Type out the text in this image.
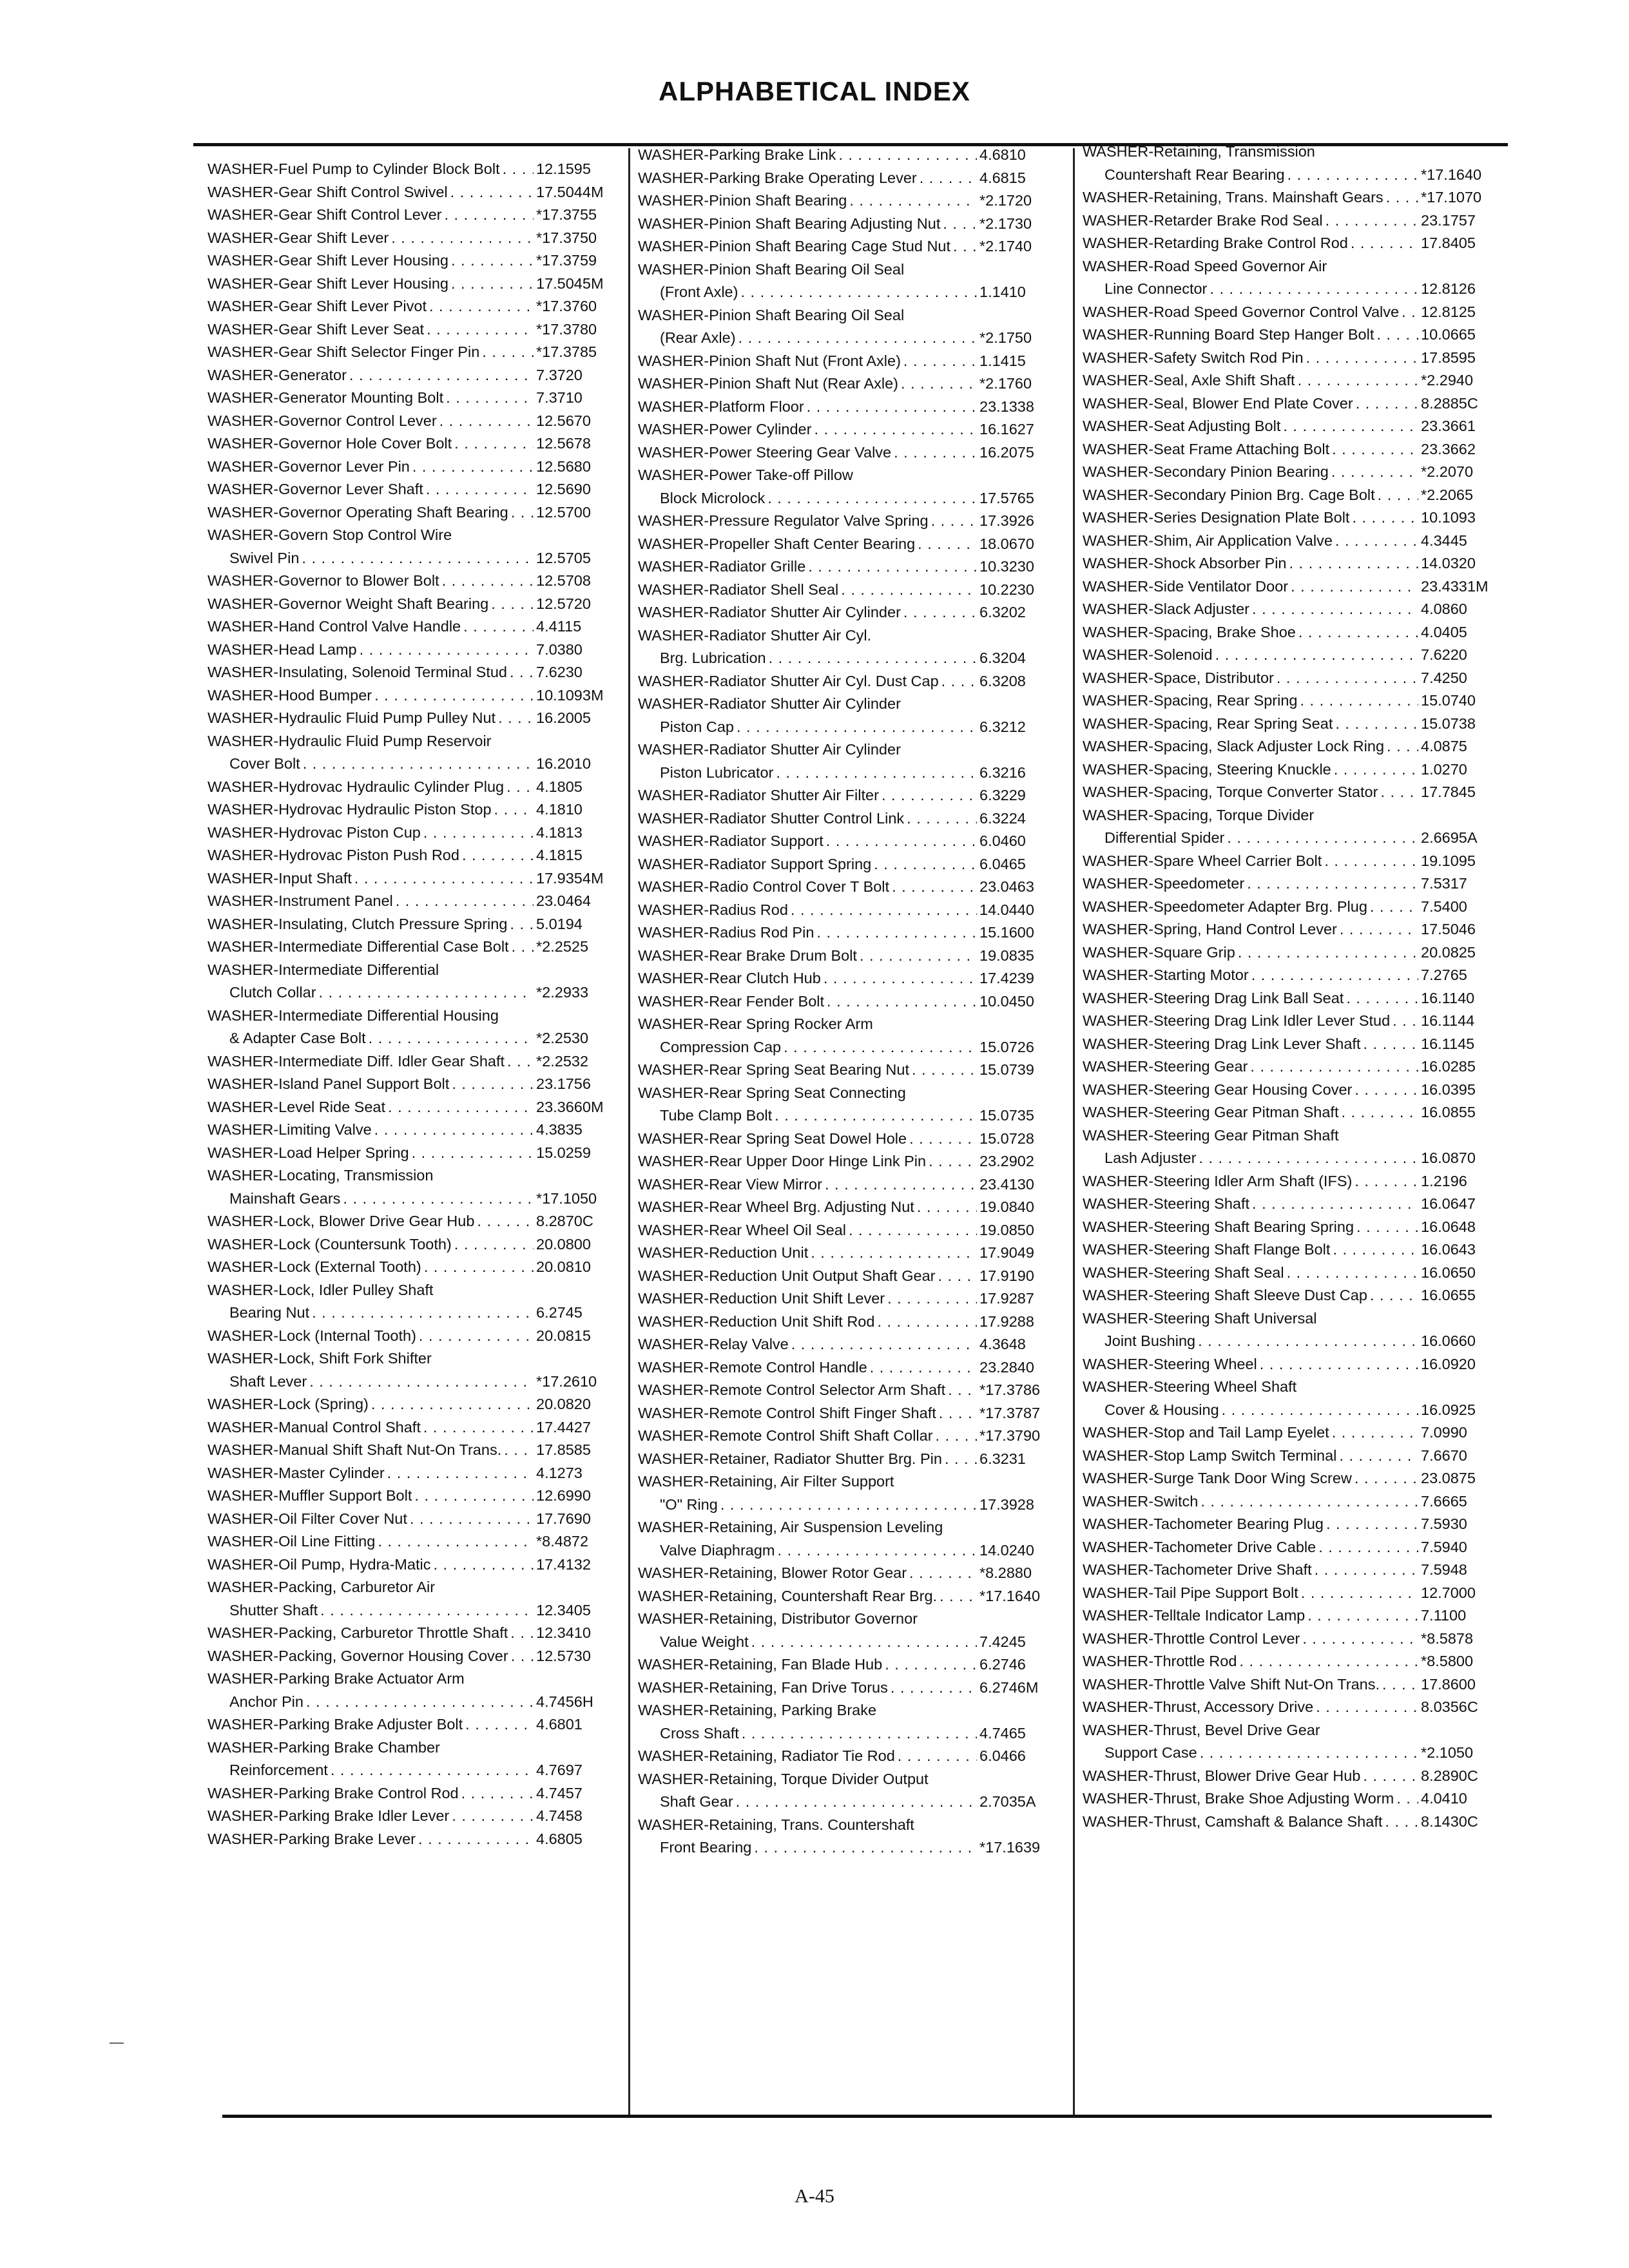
ALPHABETICAL INDEX
WASHER-Fuel Pump to Cylinder Block Bolt . . . 12.1595
WASHER-Gear Shift Control Swivel . . .	17.5044M
WASHER-Gear Shift Control Lever . . .	*17.3755
WASHER-Gear Shift Lever . . .	*17.3750
WASHER-Gear Shift Lever Housing . . .	*17.3759
WASHER-Gear Shift Lever Housing . . .	17.5045M
WASHER-Gear Shift Lever Pivot . . .	*17.3760
WASHER-Gear Shift Lever Seat . . .	*17.3780
WASHER-Gear Shift Selector Finger Pin . . .	*17.3785
WASHER-Generator . . .	7.3720
WASHER-Generator Mounting Bolt . . .	7.3710
WASHER-Governor Control Lever . . .	12.5670
WASHER-Governor Hole Cover Bolt . . .	12.5678
WASHER-Governor Lever Pin . . .	12.5680
WASHER-Governor Lever Shaft . . .	12.5690
WASHER-Governor Operating Shaft Bearing . . . 12.5700
WASHER-Govern Stop Control Wire
Swivel Pin . . .	12.5705
WASHER-Governor to Blower Bolt . . .	12.5708
WASHER-Governor Weight Shaft Bearing . . .	12.5720
WASHER-Hand Control Valve Handle . . .	4.4115
WASHER-Head Lamp . . .	7.0380
WASHER-Insulating, Solenoid Terminal Stud . . . 7.6230
WASHER-Hood Bumper . . .	10.1093M
WASHER-Hydraulic Fluid Pump Pulley Nut . . .	16.2005
WASHER-Hydraulic Fluid Pump Reservoir
Cover Bolt . . .	16.2010
WASHER-Hydrovac Hydraulic Cylinder Plug . . . 4.1805
WASHER-Hydrovac Hydraulic Piston Stop . . .	4.1810
WASHER-Hydrovac Piston Cup . . .	4.1813
WASHER-Hydrovac Piston Push Rod . . .	4.1815
WASHER-Input Shaft . . .	17.9354M
WASHER-Instrument Panel . . .	23.0464
WASHER-Insulating, Clutch Pressure Spring . . . 5.0194
WASHER-Intermediate Differential Case Bolt . . . *2.2525
WASHER-Intermediate Differential
Clutch Collar . . .	*2.2933
WASHER-Intermediate Differential Housing
& Adapter Case Bolt . . .	*2.2530
WASHER-Intermediate Diff. Idler Gear Shaft . . . *2.2532
WASHER-Island Panel Support Bolt . . .	23.1756
WASHER-Level Ride Seat . . .	23.3660M
WASHER-Limiting Valve . . .	4.3835
WASHER-Load Helper Spring . . .	15.0259
WASHER-Locating, Transmission
Mainshaft Gears . . .	*17.1050
WASHER-Lock, Blower Drive Gear Hub . . .	8.2870C
WASHER-Lock (Countersunk Tooth) . . .	20.0800
WASHER-Lock (External Tooth) . . .	20.0810
WASHER-Lock, Idler Pulley Shaft
Bearing Nut . . .	6.2745
WASHER-Lock (Internal Tooth) . . .	20.0815
WASHER-Lock, Shift Fork Shifter
Shaft Lever . . .	*17.2610
WASHER-Lock (Spring) . . .	20.0820
WASHER-Manual Control Shaft . . .	17.4427
WASHER-Manual Shift Shaft Nut-On Trans. . . . 17.8585
WASHER-Master Cylinder . . .	4.1273
WASHER-Muffler Support Bolt . . .	12.6990
WASHER-Oil Filter Cover Nut . . .	17.7690
WASHER-Oil Line Fitting . . .	*8.4872
WASHER-Oil Pump, Hydra-Matic . . .	17.4132
WASHER-Packing, Carburetor Air
Shutter Shaft . . .	12.3405
WASHER-Packing, Carburetor Throttle Shaft . . . 12.3410
WASHER-Packing, Governor Housing Cover . . . 12.5730
WASHER-Parking Brake Actuator Arm
Anchor Pin . . .	4.7456H
WASHER-Parking Brake Adjuster Bolt . . .	4.6801
WASHER-Parking Brake Chamber
Reinforcement . . .	4.7697
WASHER-Parking Brake Control Rod . . .	4.7457
WASHER-Parking Brake Idler Lever . . .	4.7458
WASHER-Parking Brake Lever . . .	4.6805
WASHER-Parking Brake Link . . .	4.6810
WASHER-Parking Brake Operating Lever . . .	4.6815
WASHER-Pinion Shaft Bearing . . .	*2.1720
WASHER-Pinion Shaft Bearing Adjusting Nut . . .	*2.1730
WASHER-Pinion Shaft Bearing Cage Stud Nut . . . *2.1740
WASHER-Pinion Shaft Bearing Oil Seal
(Front Axle) . . .	1.1410
WASHER-Pinion Shaft Bearing Oil Seal
(Rear Axle) . . .	*2.1750
WASHER-Pinion Shaft Nut (Front Axle) . . .	1.1415
WASHER-Pinion Shaft Nut (Rear Axle) . . .	*2.1760
WASHER-Platform Floor . . .	23.1338
WASHER-Power Cylinder . . .	16.1627
WASHER-Power Steering Gear Valve . . .	16.2075
WASHER-Power Take-off Pillow
Block Microlock . . .	17.5765
WASHER-Pressure Regulator Valve Spring . . .	17.3926
WASHER-Propeller Shaft Center Bearing . . .	18.0670
WASHER-Radiator Grille . . .	10.3230
WASHER-Radiator Shell Seal . . .	10.2230
WASHER-Radiator Shutter Air Cylinder . . .	6.3202
WASHER-Radiator Shutter Air Cyl.
Brg. Lubrication . . .	6.3204
WASHER-Radiator Shutter Air Cyl. Dust Cap . . .	6.3208
WASHER-Radiator Shutter Air Cylinder
Piston Cap . . .	6.3212
WASHER-Radiator Shutter Air Cylinder
Piston Lubricator . . .	6.3216
WASHER-Radiator Shutter Air Filter . . .	6.3229
WASHER-Radiator Shutter Control Link . . .	6.3224
WASHER-Radiator Support . . .	6.0460
WASHER-Radiator Support Spring . . .	6.0465
WASHER-Radio Control Cover T Bolt . . .	23.0463
WASHER-Radius Rod . . .	14.0440
WASHER-Radius Rod Pin . . .	15.1600
WASHER-Rear Brake Drum Bolt . . .	19.0835
WASHER-Rear Clutch Hub . . .	17.4239
WASHER-Rear Fender Bolt . . .	10.0450
WASHER-Rear Spring Rocker Arm
Compression Cap . . .	15.0726
WASHER-Rear Spring Seat Bearing Nut . . .	15.0739
WASHER-Rear Spring Seat Connecting
Tube Clamp Bolt . . .	15.0735
WASHER-Rear Spring Seat Dowel Hole . . .	15.0728
WASHER-Rear Upper Door Hinge Link Pin . . .	23.2902
WASHER-Rear View Mirror . . .	23.4130
WASHER-Rear Wheel Brg. Adjusting Nut . . .	19.0840
WASHER-Rear Wheel Oil Seal . . .	19.0850
WASHER-Reduction Unit . . .	17.9049
WASHER-Reduction Unit Output Shaft Gear . . .	17.9190
WASHER-Reduction Unit Shift Lever . . .	17.9287
WASHER-Reduction Unit Shift Rod . . .	17.9288
WASHER-Relay Valve . . .	4.3648
WASHER-Remote Control Handle . . .	23.2840
WASHER-Remote Control Selector Arm Shaft . . . *17.3786
WASHER-Remote Control Shift Finger Shaft . . .	*17.3787
WASHER-Remote Control Shift Shaft Collar . . .	*17.3790
WASHER-Retainer, Radiator Shutter Brg. Pin . . . 6.3231
WASHER-Retaining, Air Filter Support
"O" Ring . . .	17.3928
WASHER-Retaining, Air Suspension Leveling
Valve Diaphragm . . .	14.0240
WASHER-Retaining, Blower Rotor Gear . . .	*8.2880
WASHER-Retaining, Countershaft Rear Brg. . . .	*17.1640
WASHER-Retaining, Distributor Governor
Value Weight . . .	7.4245
WASHER-Retaining, Fan Blade Hub . . .	6.2746
WASHER-Retaining, Fan Drive Torus . . .	6.2746M
WASHER-Retaining, Parking Brake
Cross Shaft . . .	4.7465
WASHER-Retaining, Radiator Tie Rod . . .	6.0466
WASHER-Retaining, Torque Divider Output
Shaft Gear . . .	2.7035A
WASHER-Retaining, Trans. Countershaft
Front Bearing . . .	*17.1639
WASHER-Retaining, Transmission
Countershaft Rear Bearing . . .	*17.1640
WASHER-Retaining, Trans. Mainshaft Gears . . . *17.1070
WASHER-Retarder Brake Rod Seal . . .	23.1757
WASHER-Retarding Brake Control Rod . . .	17.8405
WASHER-Road Speed Governor Air
Line Connector . . .	12.8126
WASHER-Road Speed Governor Control Valve . . . 12.8125
WASHER-Running Board Step Hanger Bolt . . .	10.0665
WASHER-Safety Switch Rod Pin . . .	17.8595
WASHER-Seal, Axle Shift Shaft . . .	*2.2940
WASHER-Seal, Blower End Plate Cover . . .	8.2885C
WASHER-Seat Adjusting Bolt . . .	23.3661
WASHER-Seat Frame Attaching Bolt . . .	23.3662
WASHER-Secondary Pinion Bearing . . .	*2.2070
WASHER-Secondary Pinion Brg. Cage Bolt . . .	*2.2065
WASHER-Series Designation Plate Bolt . . .	10.1093
WASHER-Shim, Air Application Valve . . .	4.3445
WASHER-Shock Absorber Pin . . .	14.0320
WASHER-Side Ventilator Door . . .	23.4331M
WASHER-Slack Adjuster . . .	4.0860
WASHER-Spacing, Brake Shoe . . .	4.0405
WASHER-Solenoid . . .	7.6220
WASHER-Space, Distributor . . .	7.4250
WASHER-Spacing, Rear Spring . . .	15.0740
WASHER-Spacing, Rear Spring Seat . . .	15.0738
WASHER-Spacing, Slack Adjuster Lock Ring . . . 4.0875
WASHER-Spacing, Steering Knuckle . . .	1.0270
WASHER-Spacing, Torque Converter Stator . . .	17.7845
WASHER-Spacing, Torque Divider
Differential Spider . . .	2.6695A
WASHER-Spare Wheel Carrier Bolt . . .	19.1095
WASHER-Speedometer . . .	7.5317
WASHER-Speedometer Adapter Brg. Plug . . .	7.5400
WASHER-Spring, Hand Control Lever . . .	17.5046
WASHER-Square Grip . . .	20.0825
WASHER-Starting Motor . . .	7.2765
WASHER-Steering Drag Link Ball Seat . . .	16.1140
WASHER-Steering Drag Link Idler Lever Stud . . . 16.1144
WASHER-Steering Drag Link Lever Shaft . . .	16.1145
WASHER-Steering Gear . . .	16.0285
WASHER-Steering Gear Housing Cover . . .	16.0395
WASHER-Steering Gear Pitman Shaft . . .	16.0855
WASHER-Steering Gear Pitman Shaft
Lash Adjuster . . .	16.0870
WASHER-Steering Idler Arm Shaft (IFS) . . .	1.2196
WASHER-Steering Shaft . . .	16.0647
WASHER-Steering Shaft Bearing Spring . . .	16.0648
WASHER-Steering Shaft Flange Bolt . . .	16.0643
WASHER-Steering Shaft Seal . . .	16.0650
WASHER-Steering Shaft Sleeve Dust Cap . . .	16.0655
WASHER-Steering Shaft Universal
Joint Bushing . . .	16.0660
WASHER-Steering Wheel . . .	16.0920
WASHER-Steering Wheel Shaft
Cover & Housing . . .	16.0925
WASHER-Stop and Tail Lamp Eyelet . . .	7.0990
WASHER-Stop Lamp Switch Terminal . . .	7.6670
WASHER-Surge Tank Door Wing Screw . . .	23.0875
WASHER-Switch . . .	7.6665
WASHER-Tachometer Bearing Plug . . .	7.5930
WASHER-Tachometer Drive Cable . . .	7.5940
WASHER-Tachometer Drive Shaft . . .	7.5948
WASHER-Tail Pipe Support Bolt . . .	12.7000
WASHER-Telltale Indicator Lamp . . .	7.1100
WASHER-Throttle Control Lever . . .	*8.5878
WASHER-Throttle Rod . . .	*8.5800
WASHER-Throttle Valve Shift Nut-On Trans. . . .	17.8600
WASHER-Thrust, Accessory Drive . . .	8.0356C
WASHER-Thrust, Bevel Drive Gear
Support Case . . .	*2.1050
WASHER-Thrust, Blower Drive Gear Hub . . .	8.2890C
WASHER-Thrust, Brake Shoe Adjusting Worm . . . 4.0410
WASHER-Thrust, Camshaft & Balance Shaft . . .	8.1430C
A-45
